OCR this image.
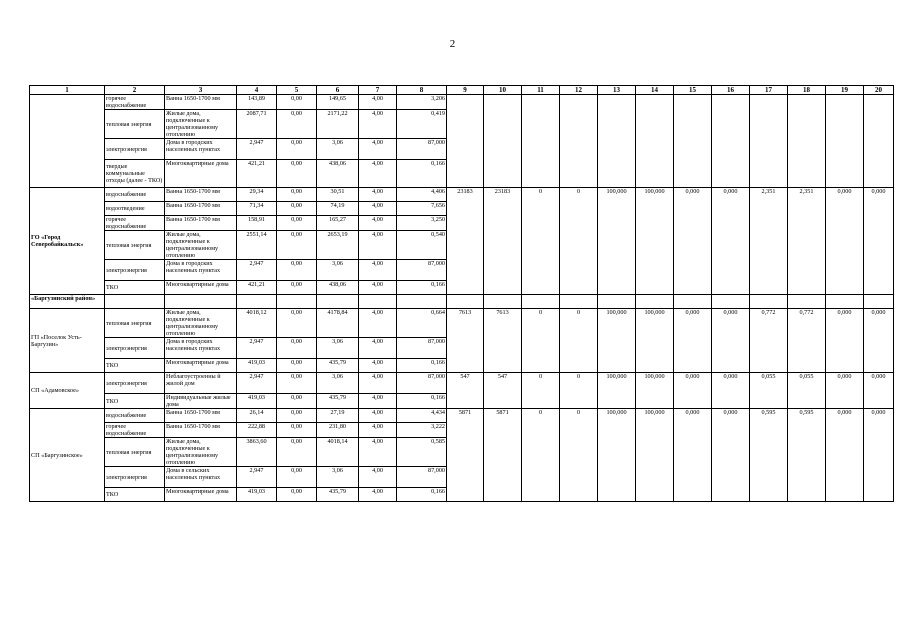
2
1	2	3	4	5	6	7	8	9	10	11	12	13	14	15	16	17	18	19	20
	горячее водоснабжение	Ванна 1650-1700 мм	143,89	0,00	149,65	4,00	3,206												
	тепловая энергия	Жилые дома, подключенные к централизованному отоплению	2087,71	0,00	2171,22	4,00	0,419												
	электроэнергия	Дома в городских населенных пунктах	2,947	0,00	3,06	4,00	87,000												
	твердые коммунальные отходы (далее - ТКО)	Многоквартирные дома	421,21	0,00	438,06	4,00	0,166												
ГО «Город Северобайкальск»	водоснабжение	Ванна 1650-1700 мм	29,34	0,00	30,51	4,00	4,406	23183	23183	0	0	100,000	100,000	0,000	0,000	2,351	2,351	0,000	0,000
	водоотведение	Ванна 1650-1700 мм	71,34	0,00	74,19	4,00	7,656												
	горячее водоснабжение	Ванна 1650-1700 мм	158,91	0,00	165,27	4,00	3,250												
	тепловая энергия	Жилые дома, подключенные к централизованному отоплению	2551,14	0,00	2653,19	4,00	0,540												
	электроэнергия	Дома в городских населенных пунктах	2,947	0,00	3,06	4,00	87,000												
	ТКО	Многоквартирные дома	421,21	0,00	438,06	4,00	0,166												
«Баргузинский район»																			
ГП «Поселок Усть-Баргузин»	тепловая энергия	Жилые дома, подключенные к централизованному отоплению	4018,12	0,00	4178,84	4,00	0,664	7613	7613	0	0	100,000	100,000	0,000	0,000	0,772	0,772	0,000	0,000
	электроэнергия	Дома в городских населенных пунктах	2,947	0,00	3,06	4,00	87,000												
	ТКО	Многоквартирные дома	419,03	0,00	435,79	4,00	0,166												
СП «Адамовское»	электроэнергия	Неблагоустроенны й жилой дом	2,947	0,00	3,06	4,00	87,000	547	547	0	0	100,000	100,000	0,000	0,000	0,055	0,055	0,000	0,000
	ТКО	Индивидуальные жилые дома	419,03	0,00	435,79	4,00	0,166												
СП «Баргузинское»	водоснабжение	Ванна 1650-1700 мм	26,14	0,00	27,19	4,00	4,434	5871	5871	0	0	100,000	100,000	0,000	0,000	0,595	0,595	0,000	0,000
	горячее водоснабжение	Ванна 1650-1700 мм	222,88	0,00	231,80	4,00	3,222												
	тепловая энергия	Жилые дома, подключенные к централизованному отоплению	3863,60	0,00	4018,14	4,00	0,585												
	электроэнергия	Дома в сельских населенных пунктах	2,947	0,00	3,06	4,00	87,000												
	ТКО	Многоквартирные дома	419,03	0,00	435,79	4,00	0,166												
